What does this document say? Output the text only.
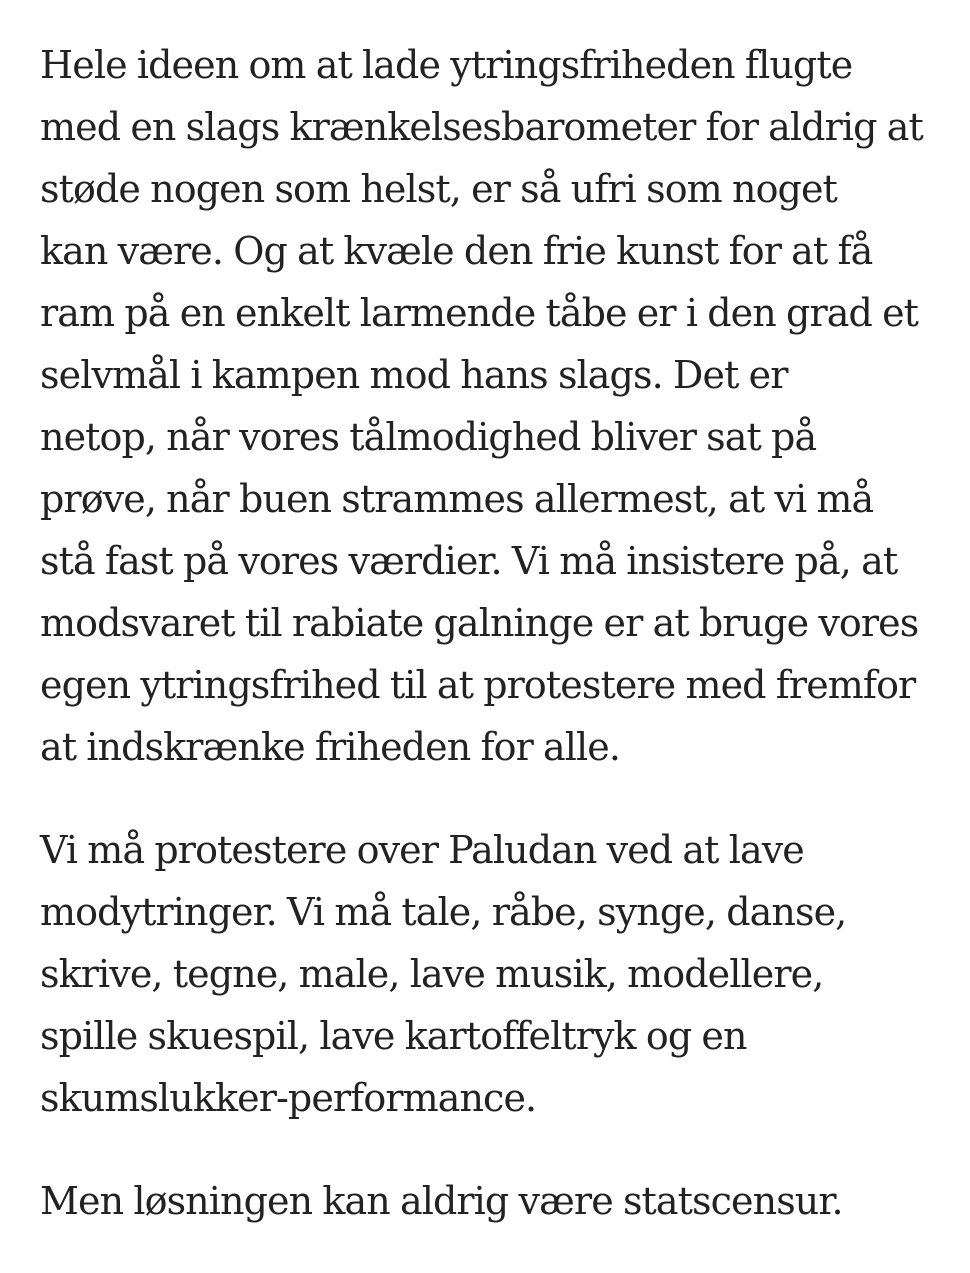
Hele ideen om at lade ytringsfriheden flugte
med en slags krænkelsesbarometer for aldrig at
støde nogen som helst, er så ufri som noget
kan være. Og at kvæle den frie kunst for at få
ram på en enkelt larmende tåbe er i den grad et
selvmål i kampen mod hans slags. Det er
netop, når vores tålmodighed bliver sat på
prøve, når buen strammes allermest, at vi må
stå fast på vores værdier. Vi må insistere på, at
modsvaret til rabiate galninge er at bruge vores
egen ytringsfrihed til at protestere med fremfor
at indskrænke friheden for alle.

Vi må protestere over Paludan ved at lave
modytringer. Vi må tale, råbe, synge, danse,
skrive, tegne, male, lave musik, modellere,
spille skuespil, lave kartoffeltryk og en
skumslukker-performance.

Men løsningen kan aldrig være statscensur.
